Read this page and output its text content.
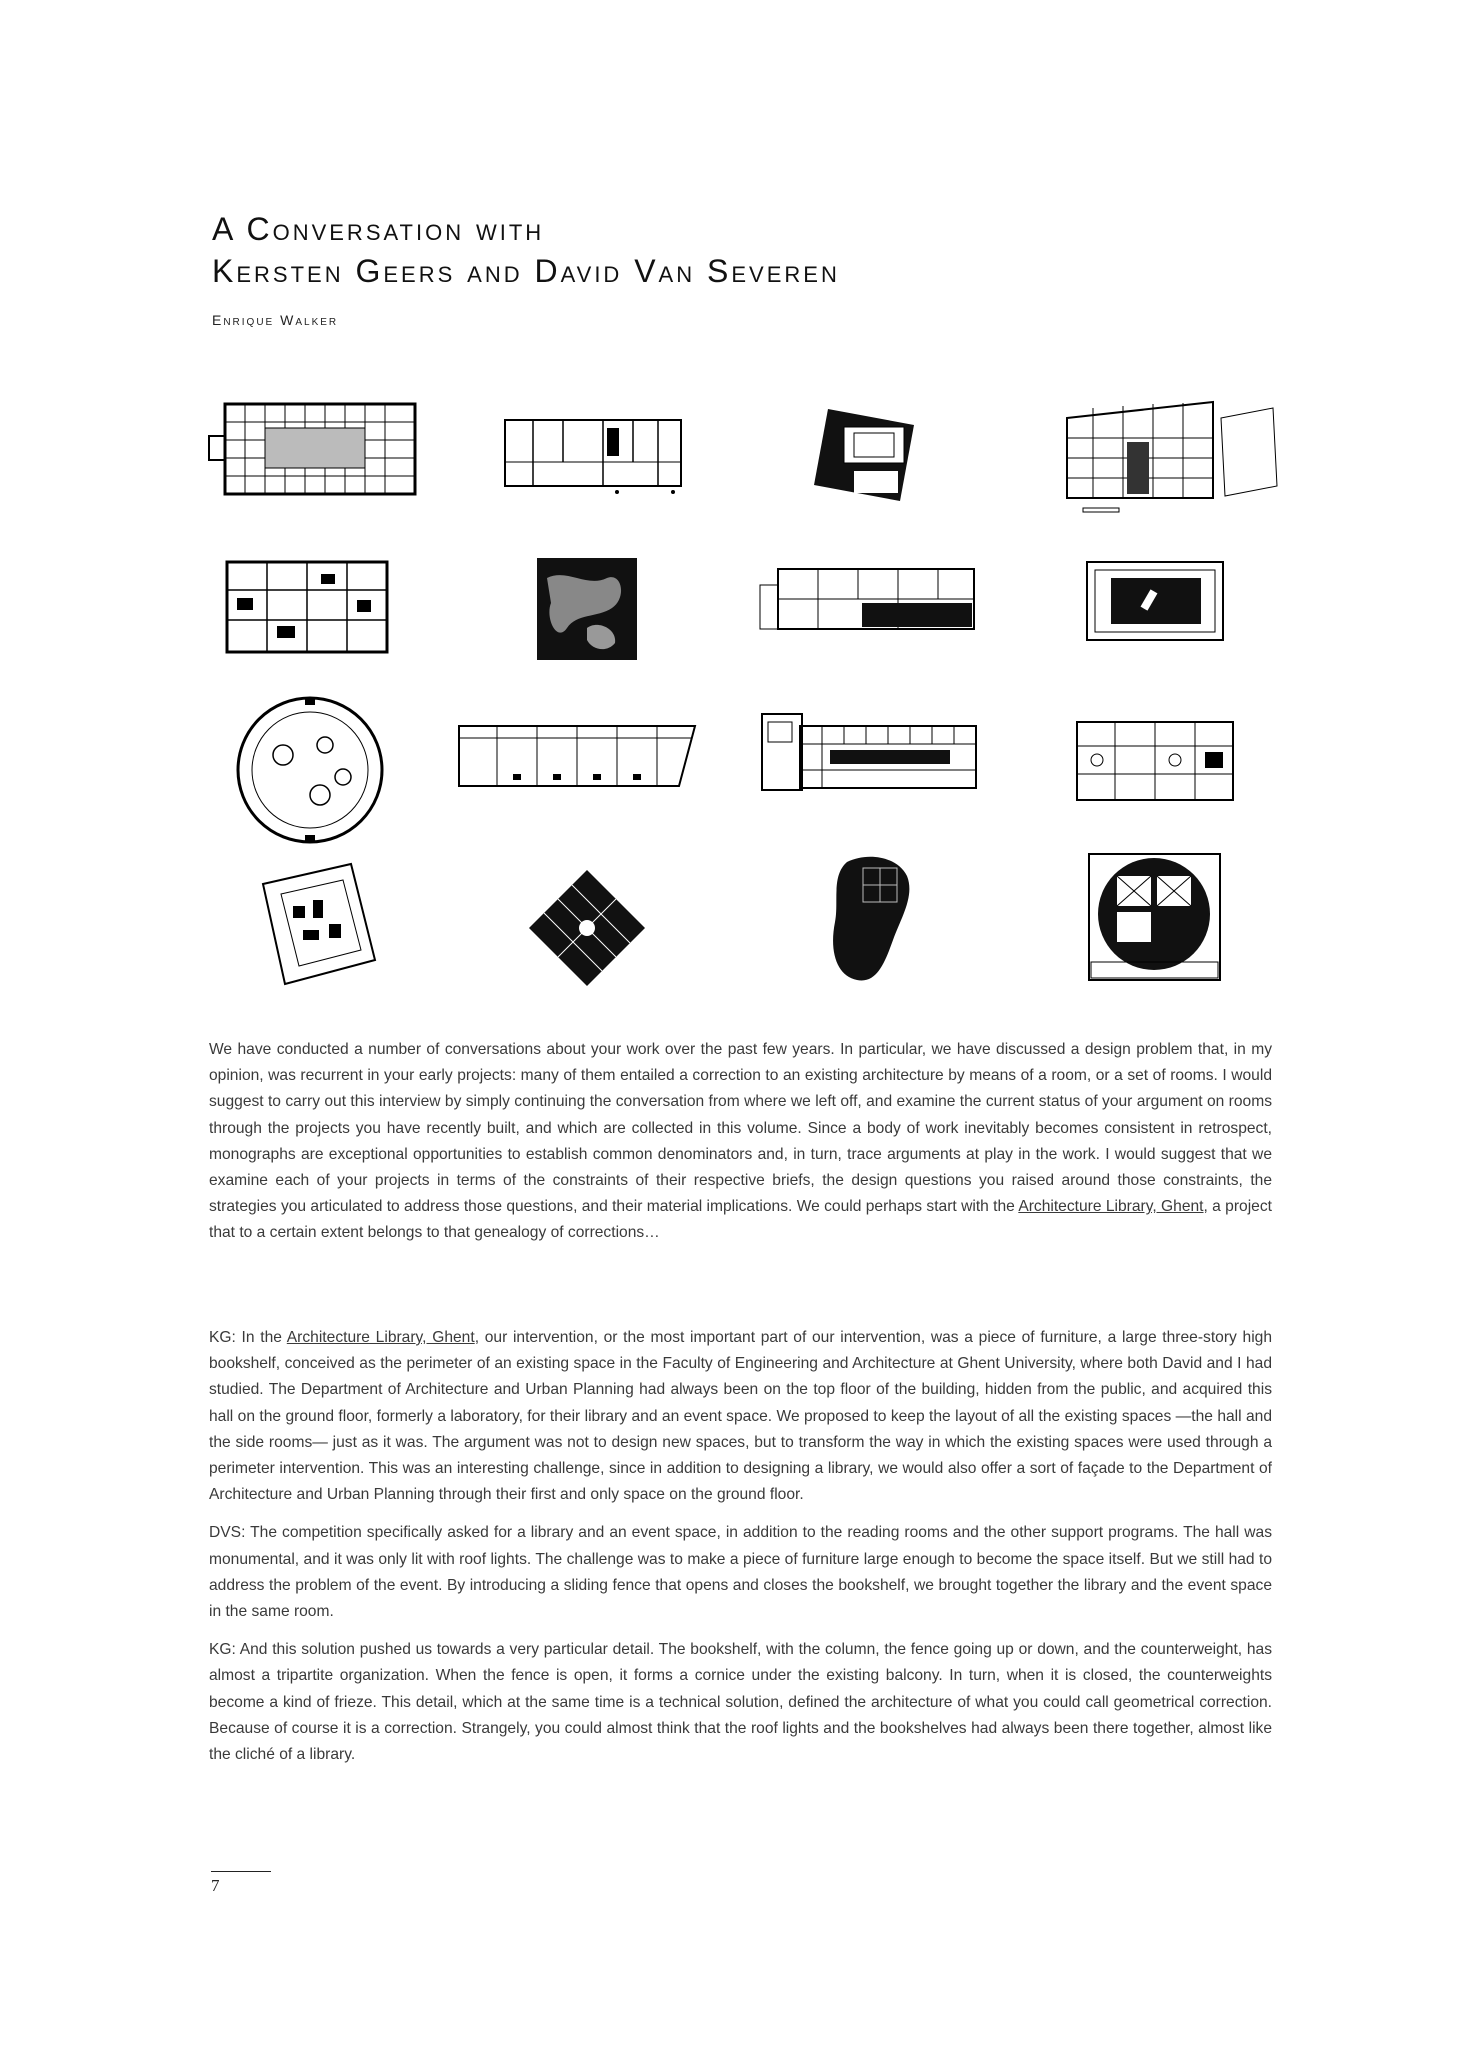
A Conversation with
Kersten Geers and David Van Severen
Enrique Walker

We have conducted a number of conversations about your work over the past few years. In particular, we have discussed a design problem that, in my opinion, was recurrent in your early projects: many of them entailed a correction to an existing architecture by means of a room, or a set of rooms. I would suggest to carry out this interview by simply continuing the conversation from where we left off, and examine the current status of your argument on rooms through the projects you have recently built, and which are collected in this volume. Since a body of work inevitably becomes consistent in retrospect, monographs are exceptional opportunities to establish common denominators and, in turn, trace arguments at play in the work. I would suggest that we examine each of your projects in terms of the constraints of their respective briefs, the design questions you raised around those constraints, the strategies you articulated to address those questions, and their material implications. We could perhaps start with the Architecture Library, Ghent, a project that to a certain extent belongs to that genealogy of corrections…

KG: In the Architecture Library, Ghent, our intervention, or the most important part of our intervention, was a piece of furniture, a large three-story high bookshelf, conceived as the perimeter of an existing space in the Faculty of Engineering and Architecture at Ghent University, where both David and I had studied. The Department of Architecture and Urban Planning had always been on the top floor of the building, hidden from the public, and acquired this hall on the ground floor, formerly a laboratory, for their library and an event space. We proposed to keep the layout of all the existing spaces —the hall and the side rooms— just as it was. The argument was not to design new spaces, but to transform the way in which the existing spaces were used through a perimeter intervention. This was an interesting challenge, since in addition to designing a library, we would also offer a sort of façade to the Department of Architecture and Urban Planning through their first and only space on the ground floor.

DVS: The competition specifically asked for a library and an event space, in addition to the reading rooms and the other support programs. The hall was monumental, and it was only lit with roof lights. The challenge was to make a piece of furniture large enough to become the space itself. But we still had to address the problem of the event. By introducing a sliding fence that opens and closes the bookshelf, we brought together the library and the event space in the same room.

KG: And this solution pushed us towards a very particular detail. The bookshelf, with the column, the fence going up or down, and the counterweight, has almost a tripartite organization. When the fence is open, it forms a cornice under the existing balcony. In turn, when it is closed, the counterweights become a kind of frieze. This detail, which at the same time is a technical solution, defined the architecture of what you could call geometrical correction. Because of course it is a correction. Strangely, you could almost think that the roof lights and the bookshelves had always been there together, almost like the cliché of a library.

7
